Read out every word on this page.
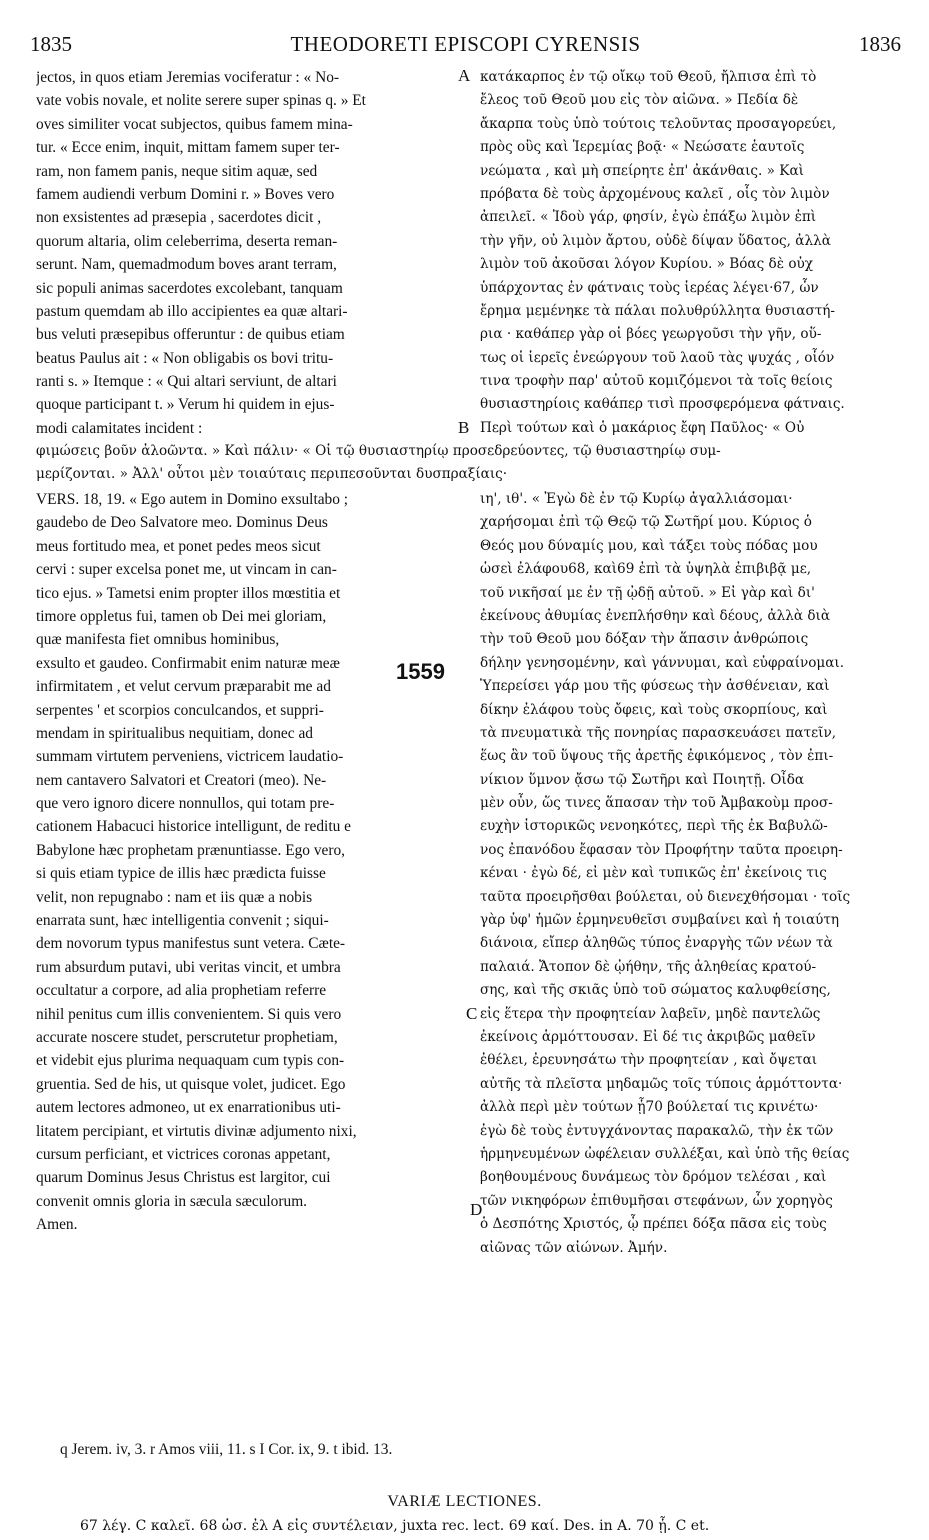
1835	THEODORETI EPISCOPI CYRENSIS	1836
jectos, in quos etiam Jeremias vociferatur : « No-
vate vobis novale, et nolite serere super spinas q. » Et
oves similiter vocat subjectos, quibus famem mina-
tur. « Ecce enim, inquit, mittam famem super ter-
ram, non famem panis, neque sitim aquæ, sed
famem audiendi verbum Domini r. » Boves vero
non exsistentes ad præsepia , sacerdotes dicit ,
quorum altaria, olim celeberrima, deserta reman-
serunt. Nam, quemadmodum boves arant terram,
sic populi animas sacerdotes excolebant, tanquam
pastum quemdam ab illo accipientes ea quæ altari-
bus veluti præsepibus offeruntur : de quibus etiam
beatus Paulus ait : « Non obligabis os bovi tritu-
ranti s. » Itemque : « Qui altari serviunt, de altari
quoque participant t. » Verum hi quidem in ejus-
modi calamitates incident :
κατάκαρπος ἐν τῷ οἴκῳ τοῦ Θεοῦ, ἤλπισα ἐπὶ τὸ
ἔλεος τοῦ Θεοῦ μου εἰς τὸν αἰῶνα. » Πεδία δὲ
ἄκαρπα τοὺς ὑπὸ τούτοις τελοῦντας προσαγορεύει,
πρὸς οὓς καὶ Ἱερεμίας βοᾷ· « Νεώσατε ἑαυτοῖς
νεώματα , καὶ μὴ σπείρητε ἐπ' ἀκάνθαις. » Καὶ
πρόβατα δὲ τοὺς ἀρχομένους καλεῖ , οἷς τὸν λιμὸν
ἀπειλεῖ. « Ἰδοὺ γάρ, φησίν, ἐγὼ ἐπάξω λιμὸν ἐπὶ
τὴν γῆν, οὐ λιμὸν ἄρτου, οὐδὲ δίψαν ὕδατος, ἀλλὰ
λιμὸν τοῦ ἀκοῦσαι λόγον Κυρίου. » Βόας δὲ οὐχ
ὑπάρχοντας ἐν φάτναις τοὺς ἱερέας λέγει·67, ὧν
ἔρημα μεμένηκε τὰ πάλαι πολυθρύλλητα θυσιαστή-
ρια · καθάπερ γὰρ οἱ βόες γεωργοῦσι τὴν γῆν, οὕ-
τως οἱ ἱερεῖς ἐνεώργουν τοῦ λαοῦ τὰς ψυχάς , οἷόν
τινα τροφὴν παρ' αὐτοῦ κομιζόμενοι τὰ τοῖς θείοις
θυσιαστηρίοις καθάπερ τισὶ προσφερόμενα φάτναις.
Περὶ τούτων καὶ ὁ μακάριος ἔφη Παῦλος· « Οὐ
A
B
φιμώσεις βοῦν ἀλοῶντα. » Καὶ πάλιν· « Οἱ τῷ θυσιαστηρίῳ προσεδρεύοντες, τῷ θυσιαστηρίῳ συμ-
μερίζονται. » Ἀλλ' οὗτοι μὲν τοιαύταις περιπεσοῦνται δυσπραξίαις·
VERS. 18, 19. « Ego autem in Domino exsultabo ;
gaudebo de Deo Salvatore meo. Dominus Deus
meus fortitudo mea, et ponet pedes meos sicut
cervi : super excelsa ponet me, ut vincam in can-
tico ejus. » Tametsi enim propter illos mœstitia et
timore oppletus fui, tamen ob Dei mei gloriam,
quæ manifesta fiet omnibus hominibus,
exsulto et gaudeo. Confirmabit enim naturæ meæ
infirmitatem , et velut cervum præparabit me ad
serpentes ' et scorpios conculcandos, et suppri-
mendam in spiritualibus nequitiam, donec ad
summam virtutem perveniens, victricem laudatio-
nem cantavero Salvatori et Creatori (meo). Ne-
que vero ignoro dicere nonnullos, qui totam pre-
cationem Habacuci historice intelligunt, de reditu e
Babylone hæc prophetam prænuntiasse. Ego vero,
si quis etiam typice de illis hæc prædicta fuisse
velit, non repugnabo : nam et iis quæ a nobis
enarrata sunt, hæc intelligentia convenit ; siqui-
dem novorum typus manifestus sunt vetera. Cæte-
rum absurdum putavi, ubi veritas vincit, et umbra
occultatur a corpore, ad alia prophetiam referre
nihil penitus cum illis convenientem. Si quis vero
accurate noscere studet, perscrutetur prophetiam,
et videbit ejus plurima nequaquam cum typis con-
gruentia. Sed de his, ut quisque volet, judicet. Ego
autem lectores admoneo, ut ex enarrationibus uti-
litatem percipiant, et virtutis divinæ adjumento nixi,
cursum perficiant, et victrices coronas appetant,
quarum Dominus Jesus Christus est largitor, cui
convenit omnis gloria in sæcula sæculorum.
Amen.
ιη', ιθ'. « Ἐγὼ δὲ ἐν τῷ Κυρίῳ ἀγαλλιάσομαι·
χαρήσομαι ἐπὶ τῷ Θεῷ τῷ Σωτῆρί μου. Κύριος ὁ
Θεός μου δύναμίς μου, καὶ τάξει τοὺς πόδας μου
ὡσεὶ ἐλάφου68, καὶ69 ἐπὶ τὰ ὑψηλὰ ἐπιβιβᾷ με,
τοῦ νικῆσαί με ἐν τῇ ᾠδῇ αὐτοῦ. » Εἰ γὰρ καὶ δι'
ἐκείνους ἀθυμίας ἐνεπλήσθην καὶ δέους, ἀλλὰ διὰ
τὴν τοῦ Θεοῦ μου δόξαν τὴν ἅπασιν ἀνθρώποις
δήλην γενησομένην, καὶ γάννυμαι, καὶ εὐφραίνομαι.
Ὑπερείσει γάρ μου τῆς φύσεως τὴν ἀσθένειαν, καὶ
δίκην ἐλάφου τοὺς ὄφεις, καὶ τοὺς σκορπίους, καὶ
τὰ πνευματικὰ τῆς πονηρίας παρασκευάσει πατεῖν,
ἕως ἂν τοῦ ὕψους τῆς ἀρετῆς ἐφικόμενος , τὸν ἐπι-
νίκιον ὕμνον ᾄσω τῷ Σωτῆρι καὶ Ποιητῇ. Οἶδα
μὲν οὖν, ὥς τινες ἅπασαν τὴν τοῦ Ἀμβακοὺμ προσ-
ευχὴν ἱστορικῶς νενοηκότες, περὶ τῆς ἐκ Βαβυλῶ-
νος ἐπανόδου ἔφασαν τὸν Προφήτην ταῦτα προειρη-
κέναι · ἐγὼ δέ, εἰ μὲν καὶ τυπικῶς ἐπ' ἐκείνοις τις
ταῦτα προειρῆσθαι βούλεται, οὐ διενεχθήσομαι · τοῖς
γὰρ ὑφ' ἡμῶν ἑρμηνευθεῖσι συμβαίνει καὶ ἡ τοιαύτη
διάνοια, εἴπερ ἀληθῶς τύπος ἐναργὴς τῶν νέων τὰ
παλαιά. Ἄτοπον δὲ ᾠήθην, τῆς ἀληθείας κρατού-
σης, καὶ τῆς σκιᾶς ὑπὸ τοῦ σώματος καλυφθείσης,
εἰς ἕτερα τὴν προφητείαν λαβεῖν, μηδὲ παντελῶς
ἐκείνοις ἁρμόττουσαν. Εἰ δέ τις ἀκριβῶς μαθεῖν
ἐθέλει, ἐρευνησάτω τὴν προφητείαν , καὶ ὄψεται
αὐτῆς τὰ πλεῖστα μηδαμῶς τοῖς τύποις ἁρμόττοντα·
ἀλλὰ περὶ μὲν τούτων ᾗ70 βούλεταί τις κρινέτω·
ἐγὼ δὲ τοὺς ἐντυγχάνοντας παρακαλῶ, τὴν ἐκ τῶν
ἡρμηνευμένων ὠφέλειαν συλλέξαι, καὶ ὑπὸ τῆς θείας
βοηθουμένους δυνάμεως τὸν δρόμον τελέσαι , καὶ
τῶν νικηφόρων ἐπιθυμῆσαι στεφάνων, ὧν χορηγὸς
ὁ Δεσπότης Χριστός, ᾧ πρέπει δόξα πᾶσα εἰς τοὺς
αἰῶνας τῶν αἰώνων. Ἀμήν.
1559
C
D
q Jerem. iv, 3. r Amos viii, 11. s I Cor. ix, 9. t ibid. 13.
VARIÆ LECTIONES.
67 λέγ. C καλεῖ. 68 ὡσ. ἐλ A εἰς συντέλειαν, juxta rec. lect. 69 καί. Des. in A. 70 ᾗ. C et.
